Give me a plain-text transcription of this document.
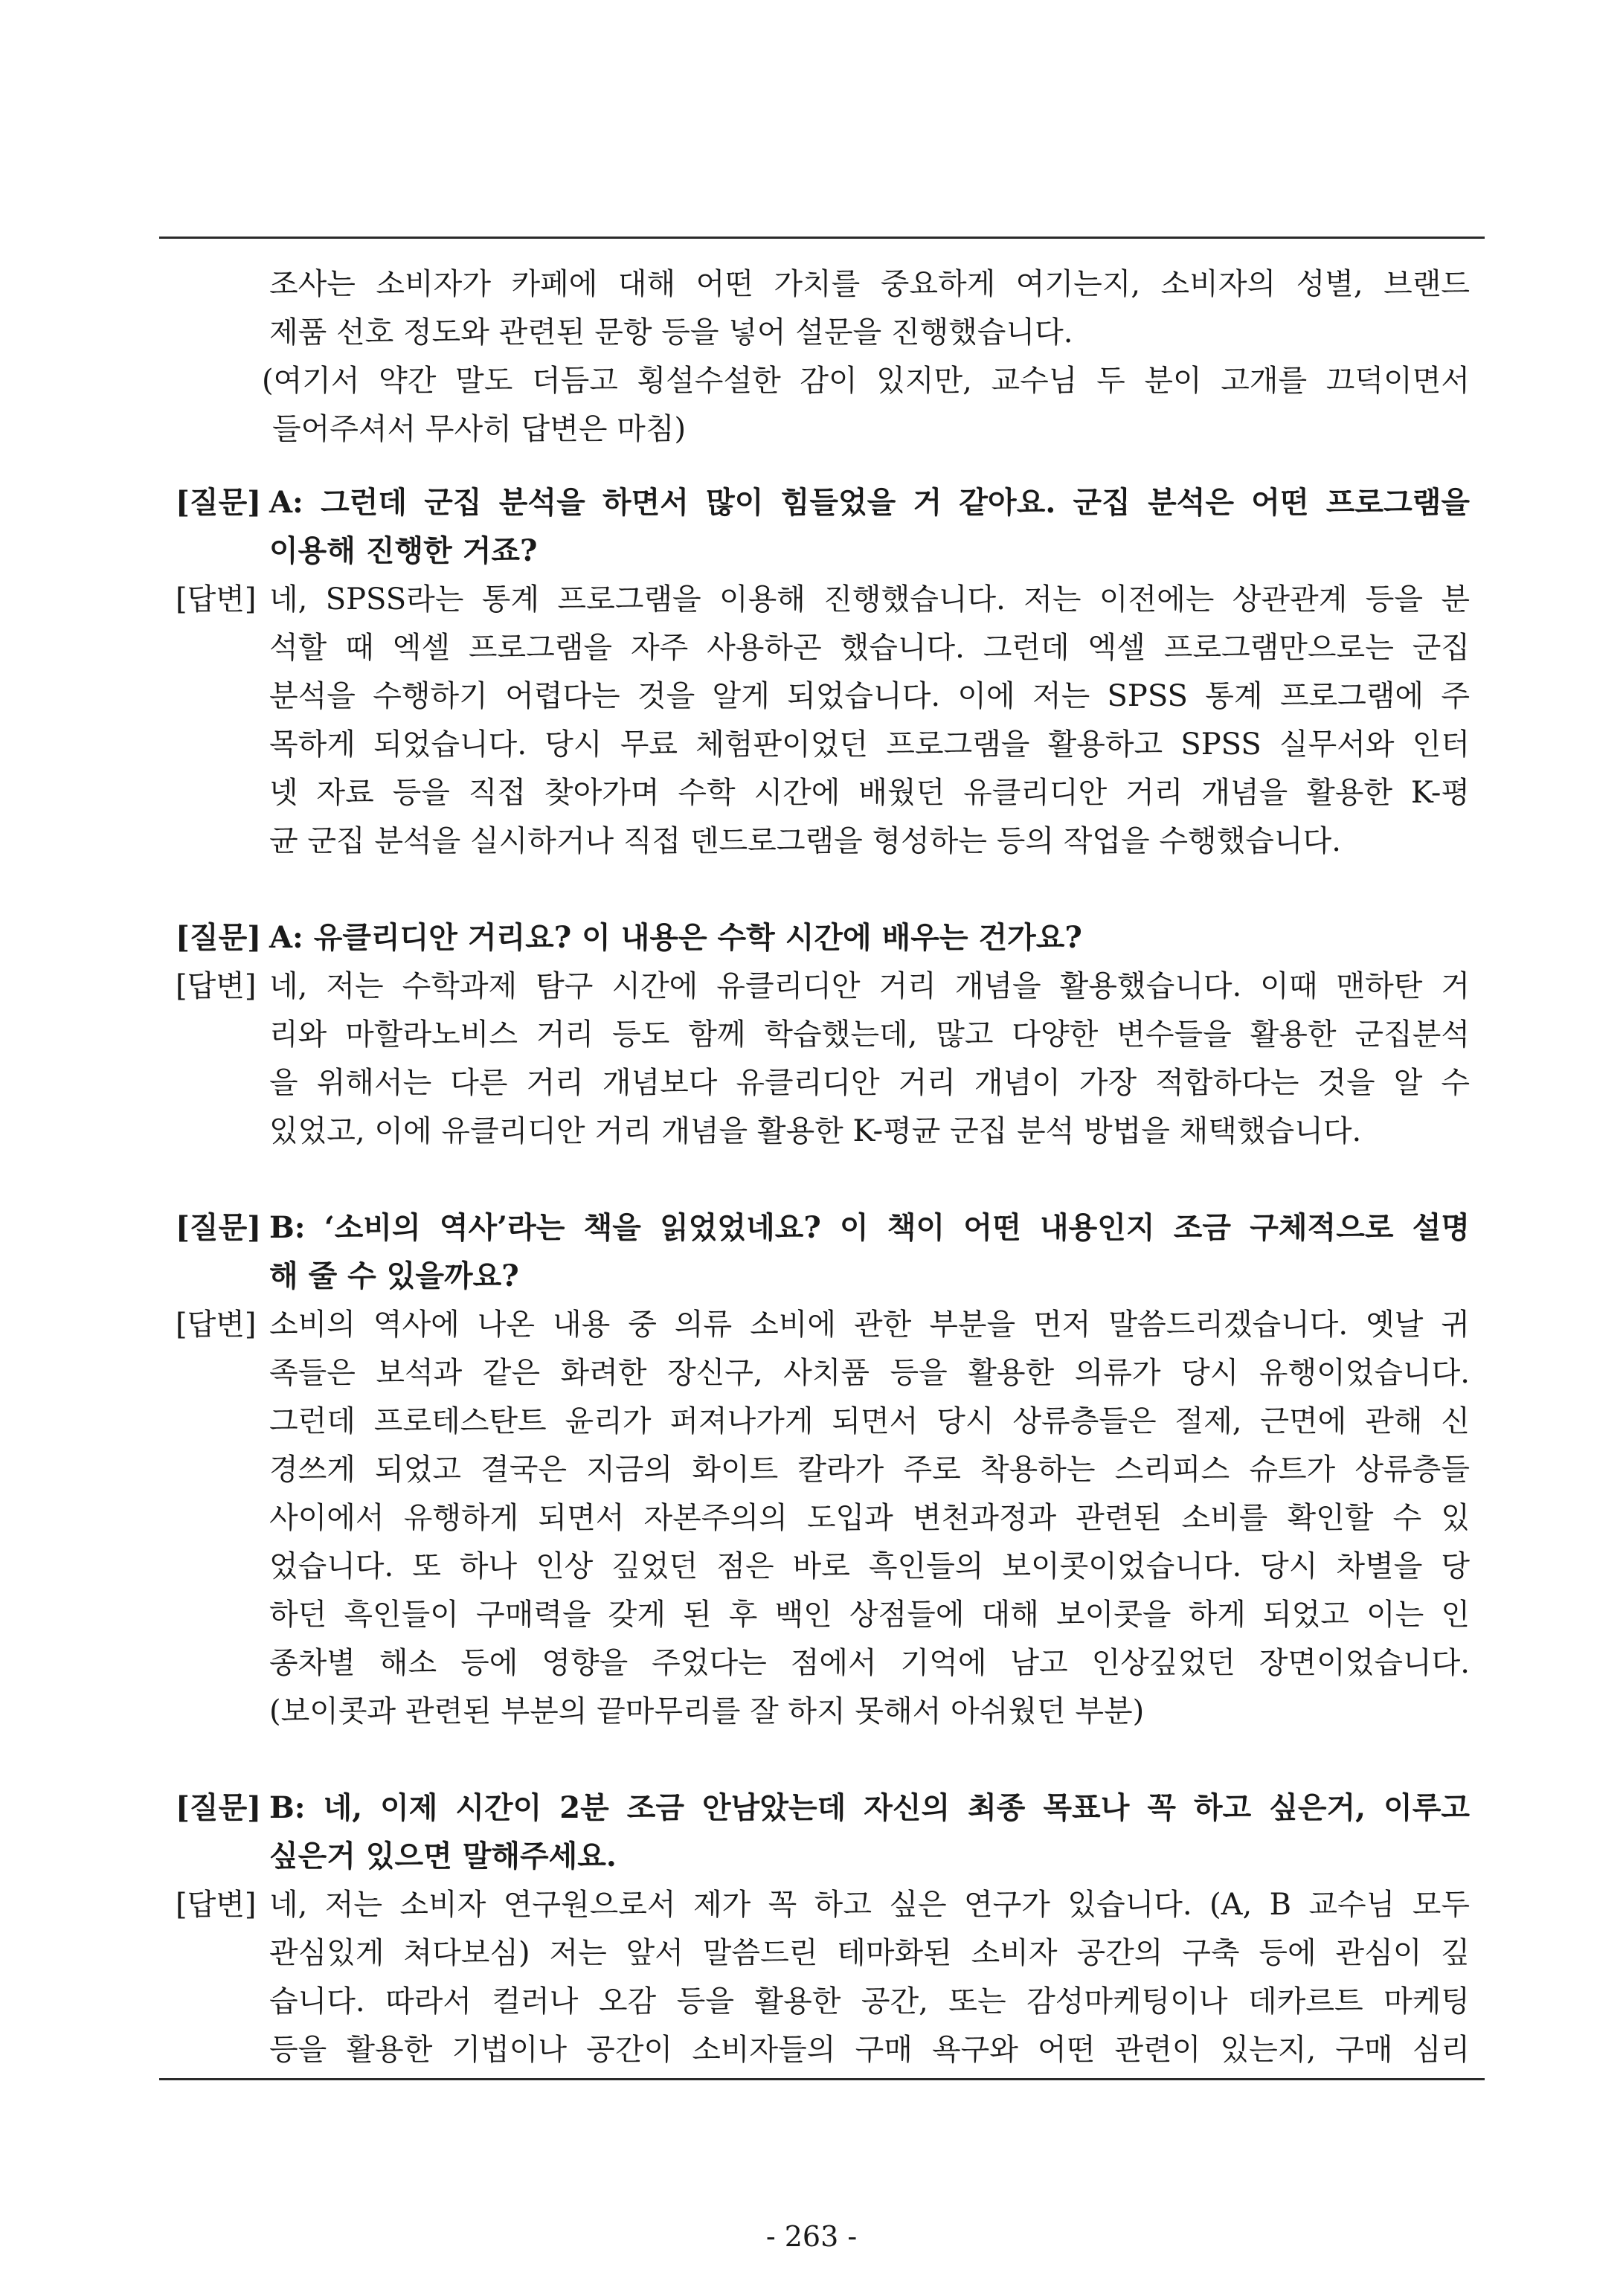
조사는 소비자가 카페에 대해 어떤 가치를 중요하게 여기는지, 소비자의 성별, 브랜드
제품 선호 정도와 관련된 문항 등을 넣어 설문을 진행했습니다.
(여기서 약간 말도 더듬고 횡설수설한 감이 있지만, 교수님 두 분이 고개를 끄덕이면서
들어주셔서 무사히 답변은 마침)
[질문] A: 그런데 군집 분석을 하면서 많이 힘들었을 거 같아요. 군집 분석은 어떤 프로그램을
이용해 진행한 거죠?
[답변] 네, SPSS라는 통계 프로그램을 이용해 진행했습니다. 저는 이전에는 상관관계 등을 분
석할 때 엑셀 프로그램을 자주 사용하곤 했습니다. 그런데 엑셀 프로그램만으로는 군집
분석을 수행하기 어렵다는 것을 알게 되었습니다. 이에 저는 SPSS 통계 프로그램에 주
목하게 되었습니다. 당시 무료 체험판이었던 프로그램을 활용하고 SPSS 실무서와 인터
넷 자료 등을 직접 찾아가며 수학 시간에 배웠던 유클리디안 거리 개념을 활용한 K-평
균 군집 분석을 실시하거나 직접 덴드로그램을 형성하는 등의 작업을 수행했습니다.
[질문] A: 유클리디안 거리요? 이 내용은 수학 시간에 배우는 건가요?
[답변] 네, 저는 수학과제 탐구 시간에 유클리디안 거리 개념을 활용했습니다. 이때 맨하탄 거
리와 마할라노비스 거리 등도 함께 학습했는데, 많고 다양한 변수들을 활용한 군집분석
을 위해서는 다른 거리 개념보다 유클리디안 거리 개념이 가장 적합하다는 것을 알 수
있었고, 이에 유클리디안 거리 개념을 활용한 K-평균 군집 분석 방법을 채택했습니다.
[질문] B: ‘소비의 역사’라는 책을 읽었었네요? 이 책이 어떤 내용인지 조금 구체적으로 설명
해 줄 수 있을까요?
[답변] 소비의 역사에 나온 내용 중 의류 소비에 관한 부분을 먼저 말씀드리겠습니다. 옛날 귀
족들은 보석과 같은 화려한 장신구, 사치품 등을 활용한 의류가 당시 유행이었습니다.
그런데 프로테스탄트 윤리가 퍼져나가게 되면서 당시 상류층들은 절제, 근면에 관해 신
경쓰게 되었고 결국은 지금의 화이트 칼라가 주로 착용하는 스리피스 슈트가 상류층들
사이에서 유행하게 되면서 자본주의의 도입과 변천과정과 관련된 소비를 확인할 수 있
었습니다. 또 하나 인상 깊었던 점은 바로 흑인들의 보이콧이었습니다. 당시 차별을 당
하던 흑인들이 구매력을 갖게 된 후 백인 상점들에 대해 보이콧을 하게 되었고 이는 인
종차별 해소 등에 영향을 주었다는 점에서 기억에 남고 인상깊었던 장면이었습니다.
(보이콧과 관련된 부분의 끝마무리를 잘 하지 못해서 아쉬웠던 부분)
[질문] B: 네, 이제 시간이 2분 조금 안남았는데 자신의 최종 목표나 꼭 하고 싶은거, 이루고
싶은거 있으면 말해주세요.
[답변] 네, 저는 소비자 연구원으로서 제가 꼭 하고 싶은 연구가 있습니다. (A, B 교수님 모두
관심있게 쳐다보심) 저는 앞서 말씀드린 테마화된 소비자 공간의 구축 등에 관심이 깊
습니다. 따라서 컬러나 오감 등을 활용한 공간, 또는 감성마케팅이나 데카르트 마케팅
등을 활용한 기법이나 공간이 소비자들의 구매 욕구와 어떤 관련이 있는지, 구매 심리
- 263 -
